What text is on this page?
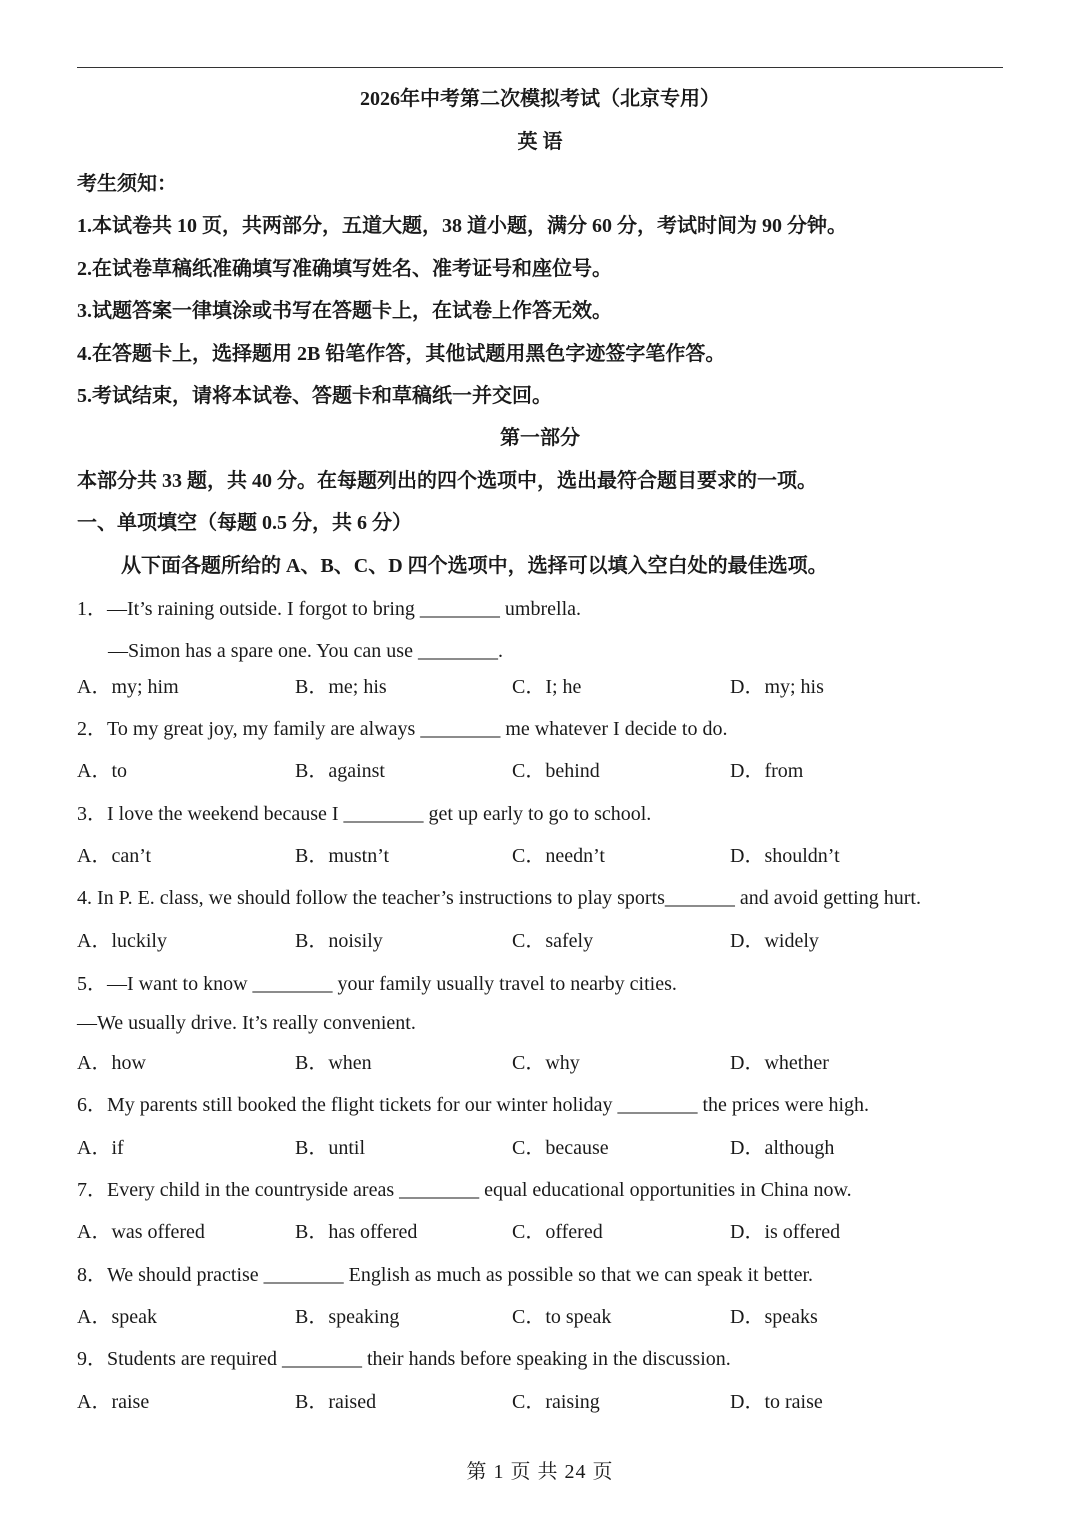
2026年中考第二次模拟考试（北京专用）
英 语
考生须知：
1.本试卷共 10 页，共两部分，五道大题，38 道小题，满分 60 分，考试时间为 90 分钟。
2.在试卷草稿纸准确填写准确填写姓名、准考证号和座位号。
3.试题答案一律填涂或书写在答题卡上，在试卷上作答无效。
4.在答题卡上，选择题用 2B 铅笔作答，其他试题用黑色字迹签字笔作答。
5.考试结束，请将本试卷、答题卡和草稿纸一并交回。
第一部分
本部分共 33 题，共 40 分。在每题列出的四个选项中，选出最符合题目要求的一项。
一、单项填空（每题 0.5 分，共 6 分）
从下面各题所给的 A、B、C、D 四个选项中，选择可以填入空白处的最佳选项。
1．—It’s raining outside. I forgot to bring ________ umbrella.
—Simon has a spare one. You can use ________.
A．my; him	B．me; his	C．I; he	D．my; his
2．To my great joy, my family are always ________ me whatever I decide to do.
A．to	B．against	C．behind	D．from
3．I love the weekend because I ________ get up early to go to school.
A．can’t	B．mustn’t	C．needn’t	D．shouldn’t
4. In P. E. class, we should follow the teacher’s instructions to play sports_______ and avoid getting hurt.
A．luckily	B．noisily	C．safely	D．widely
5．—I want to know ________ your family usually travel to nearby cities.
—We usually drive. It’s really convenient.
A．how	B．when	C．why	D．whether
6．My parents still booked the flight tickets for our winter holiday ________ the prices were high.
A．if	B．until	C．because	D．although
7．Every child in the countryside areas ________ equal educational opportunities in China now.
A．was offered	B．has offered	C．offered	D．is offered
8．We should practise ________ English as much as possible so that we can speak it better.
A．speak	B．speaking	C．to speak	D．speaks
9．Students are required ________ their hands before speaking in the discussion.
A．raise	B．raised	C．raising	D．to raise
第 1 页 共 24 页
